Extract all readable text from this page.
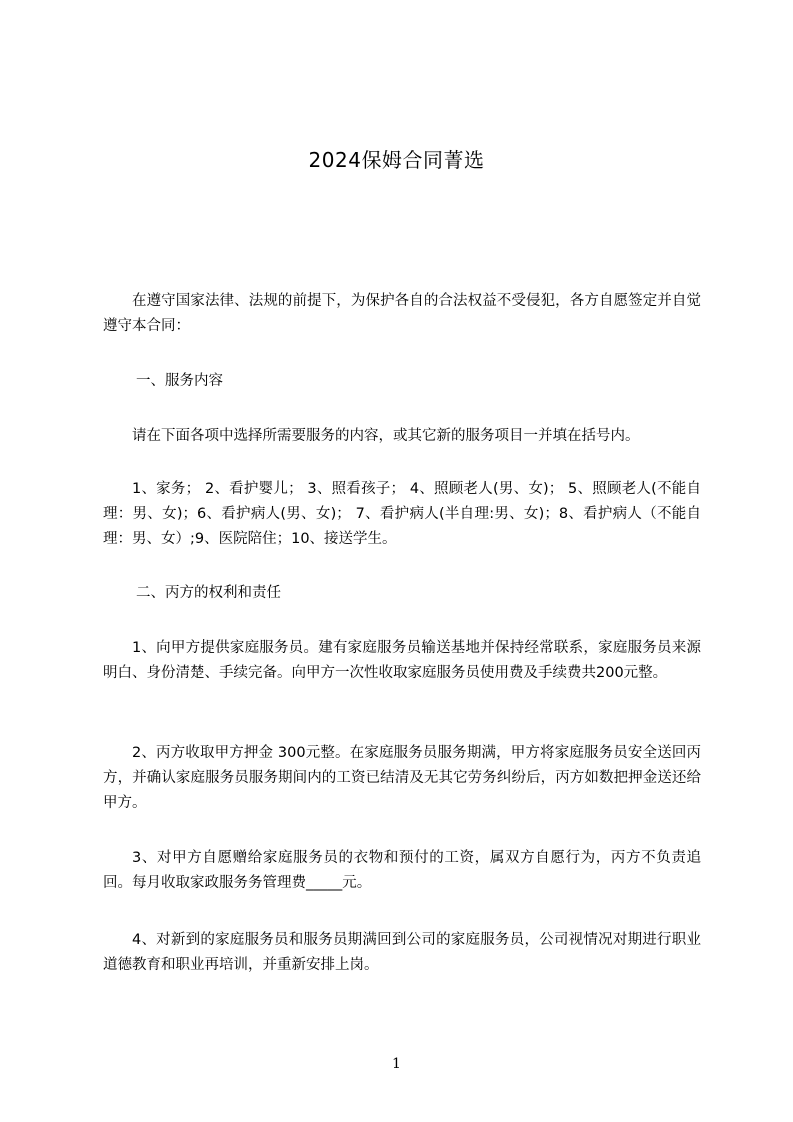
2024保姆合同菁选

在遵守国家法律、法规的前提下，为保护各自的合法权益不受侵犯，各方自愿签定并自觉遵守本合同：

一、服务内容

请在下面各项中选择所需要服务的内容，或其它新的服务项目一并填在括号内。

1、家务； 2、看护婴儿； 3、照看孩子； 4、照顾老人(男、女)； 5、照顾老人(不能自理：男、女)；6、看护病人(男、女)； 7、看护病人(半自理:男、女)；8、看护病人（不能自理：男、女）;9、医院陪住；10、接送学生。

二、丙方的权利和责任

1、向甲方提供家庭服务员。建有家庭服务员输送基地并保持经常联系，家庭服务员来源明白、身份清楚、手续完备。向甲方一次性收取家庭服务员使用费及手续费共200元整。

2、丙方收取甲方押金 300元整。在家庭服务员服务期满，甲方将家庭服务员安全送回丙方，并确认家庭服务员服务期间内的工资已结清及无其它劳务纠纷后，丙方如数把押金送还给甲方。

3、对甲方自愿赠给家庭服务员的衣物和预付的工资，属双方自愿行为，丙方不负责追回。每月收取家政服务务管理费_____元。

4、对新到的家庭服务员和服务员期满回到公司的家庭服务员，公司视情况对期进行职业道德教育和职业再培训，并重新安排上岗。

1
